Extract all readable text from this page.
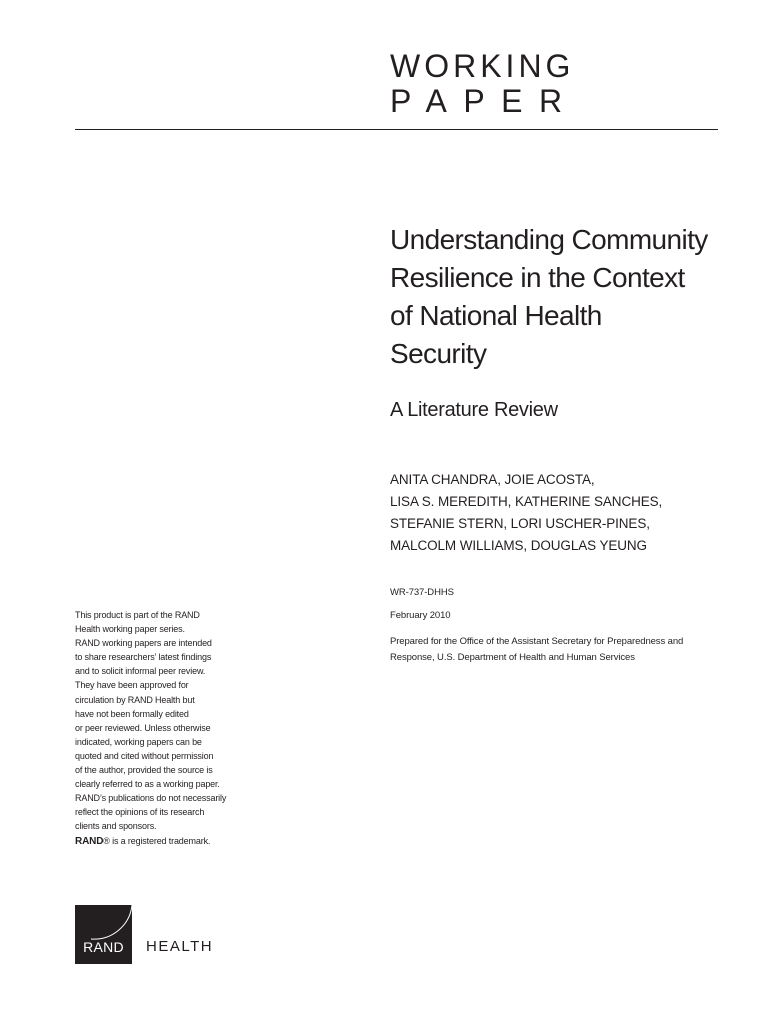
WORKING
PAPER
Understanding Community
Resilience in the Context
of National Health
Security
A Literature Review
ANITA CHANDRA, JOIE ACOSTA,
LISA S. MEREDITH, KATHERINE SANCHES,
STEFANIE STERN, LORI USCHER-PINES,
MALCOLM WILLIAMS, DOUGLAS YEUNG
WR-737-DHHS
February 2010
Prepared for the Office of the Assistant Secretary for Preparedness and
Response, U.S. Department of Health and Human Services
This product is part of the RAND
Health working paper series.
RAND working papers are intended
to share researchers’ latest findings
and to solicit informal peer review.
They have been approved for
circulation by RAND Health but
have not been formally edited
or peer reviewed. Unless otherwise
indicated, working papers can be
quoted and cited without permission
of the author, provided the source is
clearly referred to as a working paper.
RAND’s publications do not necessarily
reflect the opinions of its research
clients and sponsors.
RAND® is a registered trademark.
RAND	HEALTH
